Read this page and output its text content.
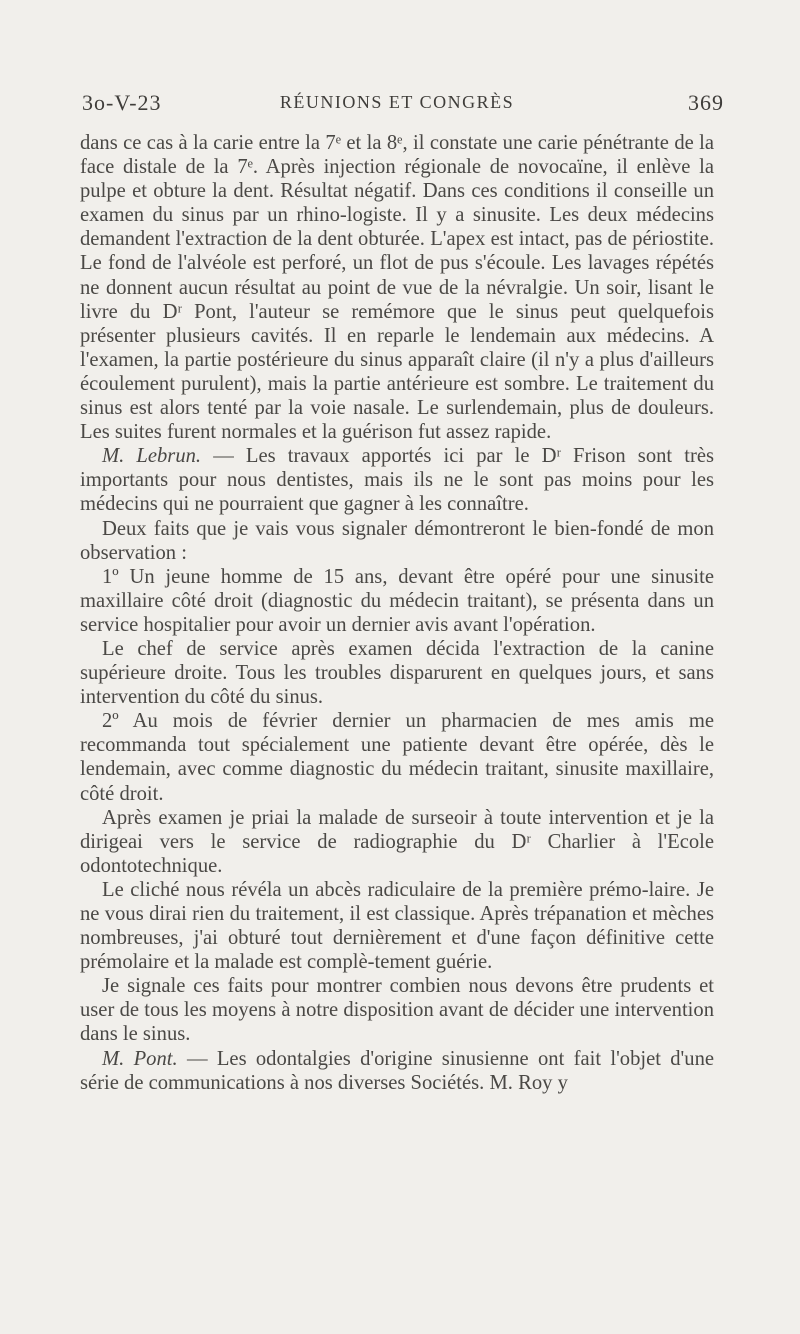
3o-V-23	RÉUNIONS ET CONGRÈS	369

dans ce cas à la carie entre la 7ᵉ et la 8ᵉ, il constate une carie pénétrante de la face distale de la 7ᵉ. Après injection régionale de novocaïne, il enlève la pulpe et obture la dent. Résultat négatif. Dans ces conditions il conseille un examen du sinus par un rhino-logiste. Il y a sinusite. Les deux médecins demandent l'extraction de la dent obturée. L'apex est intact, pas de périostite. Le fond de l'alvéole est perforé, un flot de pus s'écoule. Les lavages répétés ne donnent aucun résultat au point de vue de la névralgie. Un soir, lisant le livre du Dʳ Pont, l'auteur se remémore que le sinus peut quelquefois présenter plusieurs cavités. Il en reparle le lendemain aux médecins. A l'examen, la partie postérieure du sinus apparaît claire (il n'y a plus d'ailleurs écoulement purulent), mais la partie antérieure est sombre. Le traitement du sinus est alors tenté par la voie nasale. Le surlendemain, plus de douleurs. Les suites furent normales et la guérison fut assez rapide.

M. Lebrun. — Les travaux apportés ici par le Dʳ Frison sont très importants pour nous dentistes, mais ils ne le sont pas moins pour les médecins qui ne pourraient que gagner à les connaître.

Deux faits que je vais vous signaler démontreront le bien-fondé de mon observation :

1º Un jeune homme de 15 ans, devant être opéré pour une sinusite maxillaire côté droit (diagnostic du médecin traitant), se présenta dans un service hospitalier pour avoir un dernier avis avant l'opération.

Le chef de service après examen décida l'extraction de la canine supérieure droite. Tous les troubles disparurent en quelques jours, et sans intervention du côté du sinus.

2º Au mois de février dernier un pharmacien de mes amis me recommanda tout spécialement une patiente devant être opérée, dès le lendemain, avec comme diagnostic du médecin traitant, sinusite maxillaire, côté droit.

Après examen je priai la malade de surseoir à toute intervention et je la dirigeai vers le service de radiographie du Dʳ Charlier à l'Ecole odontotechnique.

Le cliché nous révéla un abcès radiculaire de la première prémo-laire. Je ne vous dirai rien du traitement, il est classique. Après trépanation et mèches nombreuses, j'ai obturé tout dernièrement et d'une façon définitive cette prémolaire et la malade est complè-tement guérie.

Je signale ces faits pour montrer combien nous devons être prudents et user de tous les moyens à notre disposition avant de décider une intervention dans le sinus.

M. Pont. — Les odontalgies d'origine sinusienne ont fait l'objet d'une série de communications à nos diverses Sociétés. M. Roy y
